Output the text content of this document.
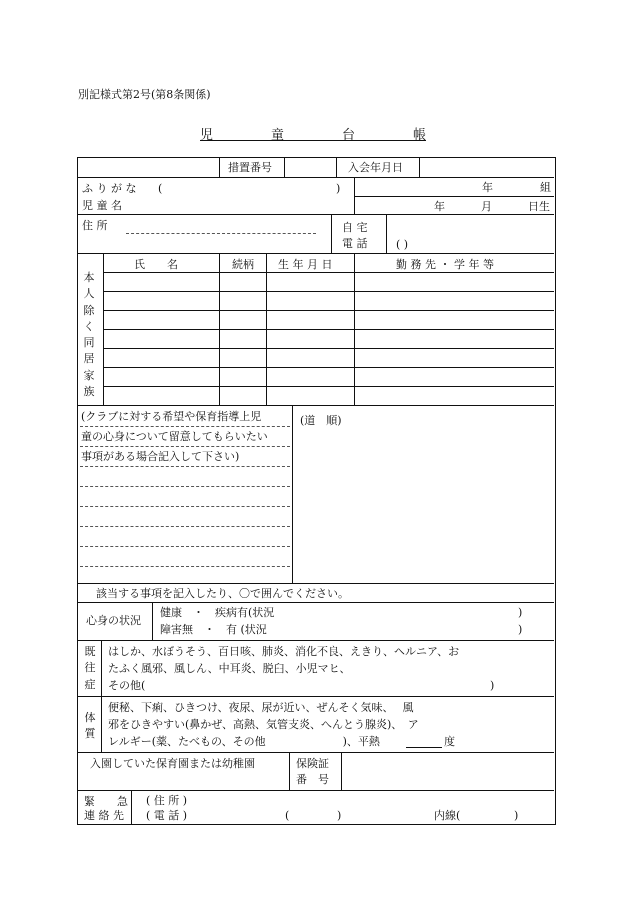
別記様式第2号(第8条関係)
児	童	台	帳
措置番号	入会年月日
ふ り が な (	)
児 童 名
年	組
年	月	日生
住 所	自 宅
電 話	( )
本
人
除
く
同
居
家
族
氏　　名	続柄 生 年 月 日	勤 務 先 ・ 学 年 等
(クラブに対する希望や保育指導上児
童の心身について留意してもらいたい
事項がある場合記入して下さい)
(道　順)
該当する事項を記入したり、〇で囲んでください。
心身の状況
健康　・　疾病有(状況	)
障害無　・　有 (状況	)
既
往
症
はしか、水ぼうそう、百日咳、肺炎、消化不良、えきり、ヘルニア、お
たふく風邪、風しん、中耳炎、脱臼、小児マヒ、
その他(	)
体
質
便秘、下痢、ひきつけ、夜尿、尿が近い、ぜんそく気味、　 風
邪をひきやすい(鼻かぜ、高熱、気管支炎、へんとう腺炎)、　ア
レルギー(薬、たべもの、その他　　　　　　　)、平熱	度
入園していた保育園または幼稚園	保険証
番　号
緊　　急
連 絡 先
( 住 所 )
( 電 話 )	(	)	内線(	)
